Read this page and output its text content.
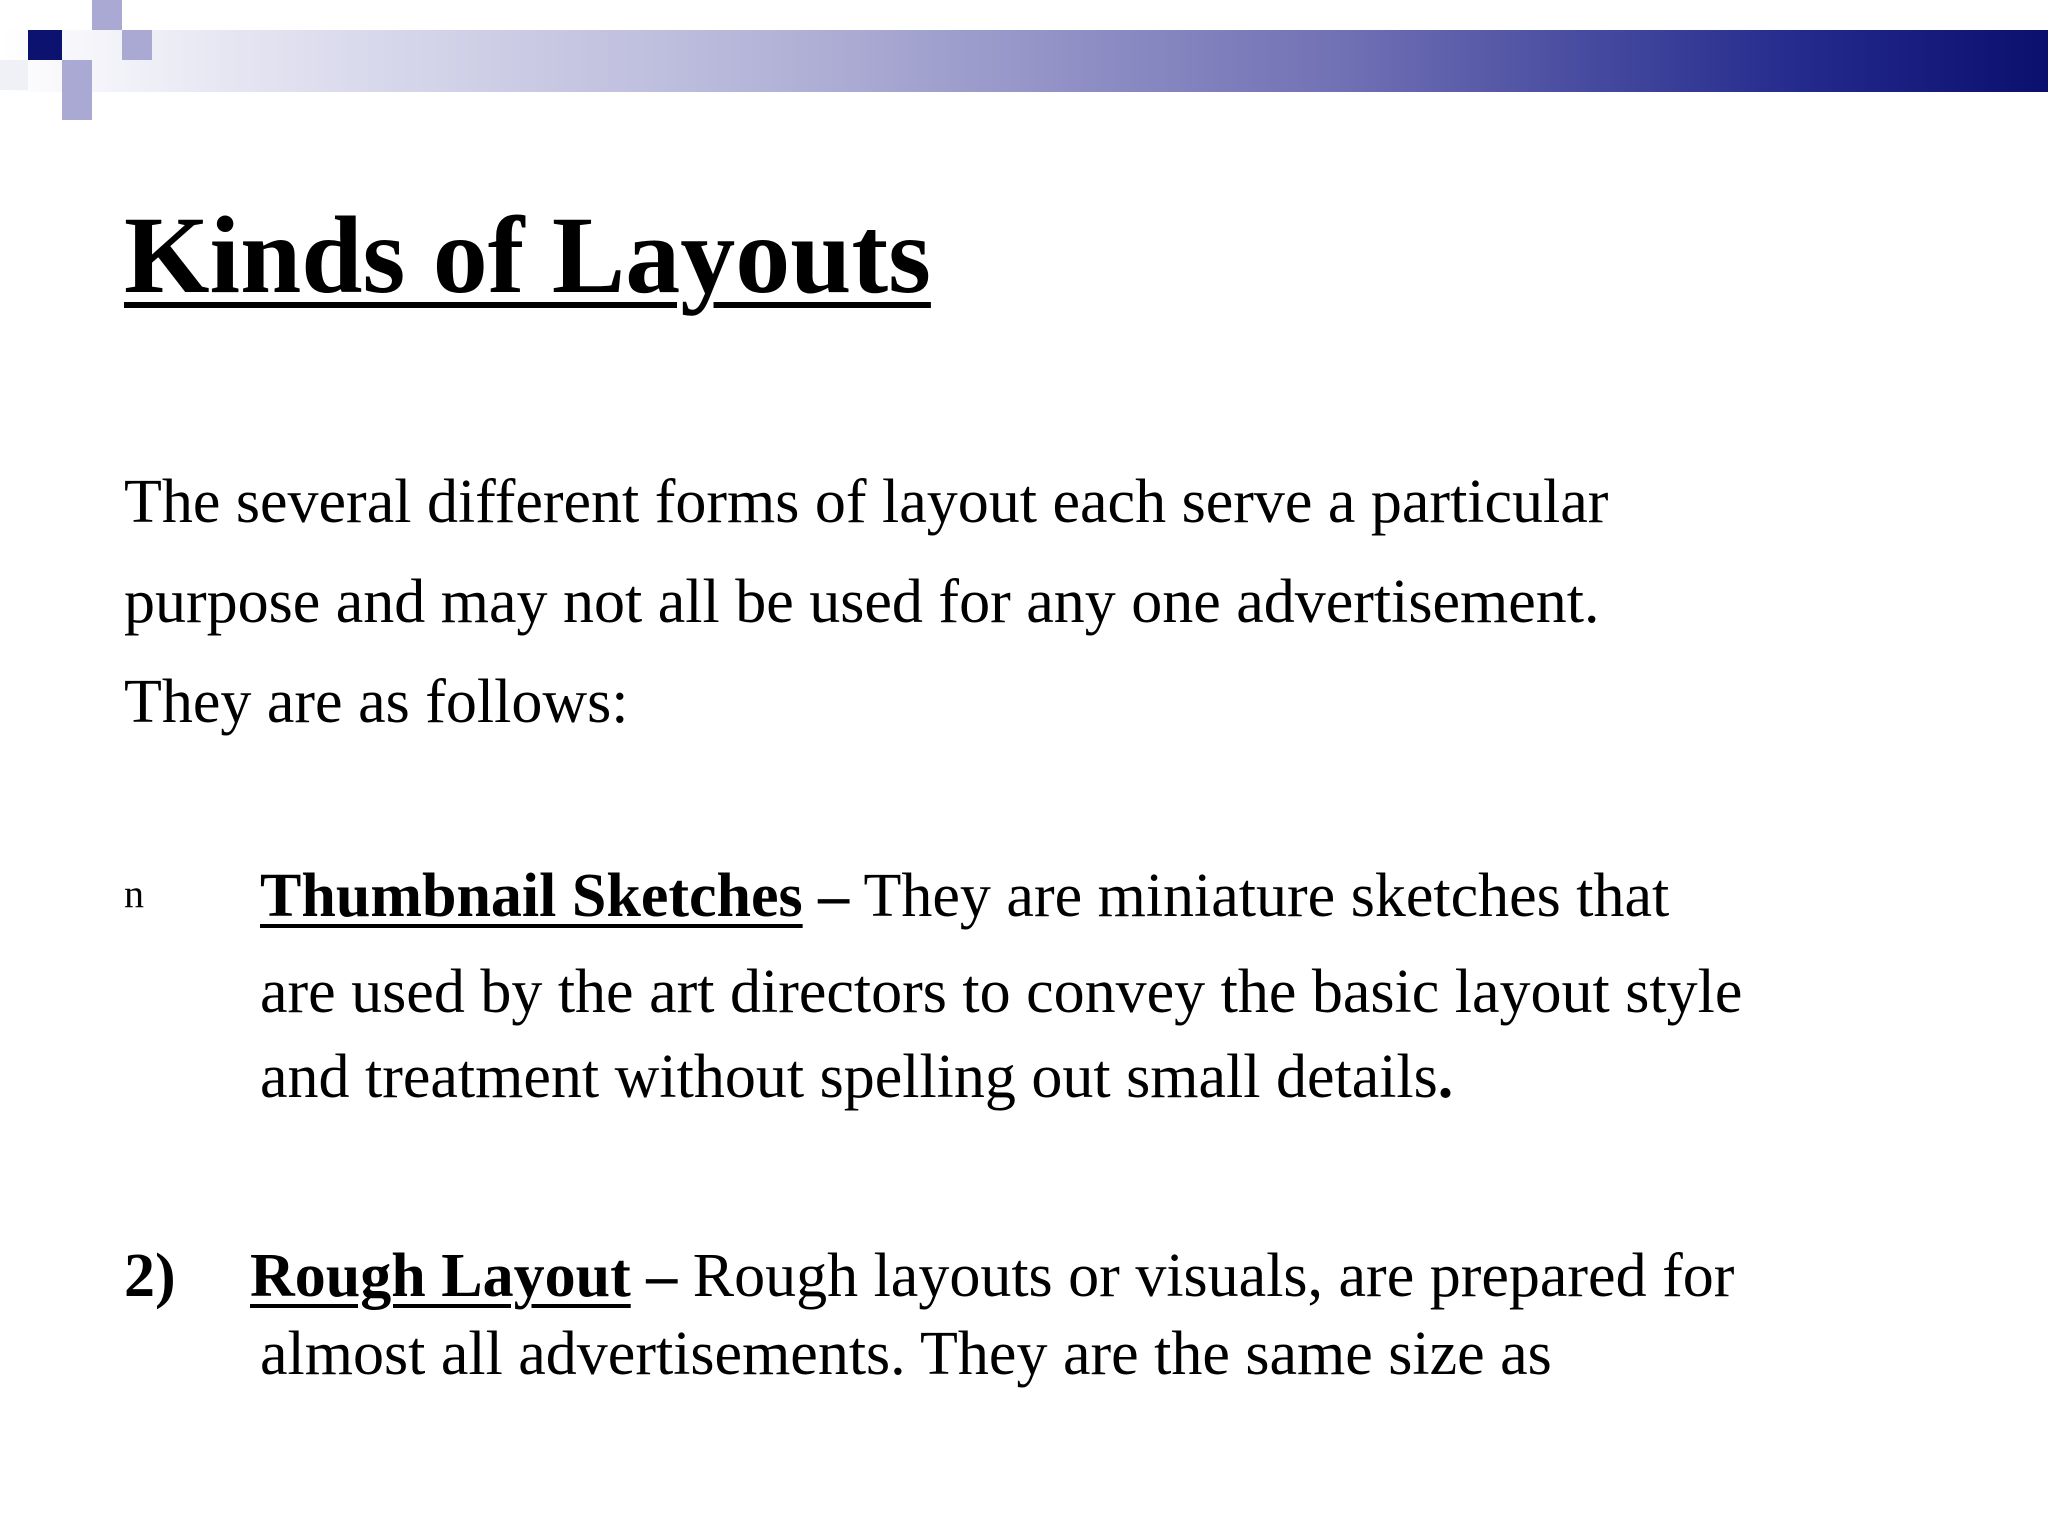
Kinds of Layouts

The several different forms of layout each serve a particular
purpose and may not all be used for any one advertisement.
They are as follows:

n Thumbnail Sketches – They are miniature sketches that
are used by the art directors to convey the basic layout style
and treatment without spelling out small details.
2) Rough Layout – Rough layouts or visuals, are prepared for
almost all advertisements. They are the same size as
